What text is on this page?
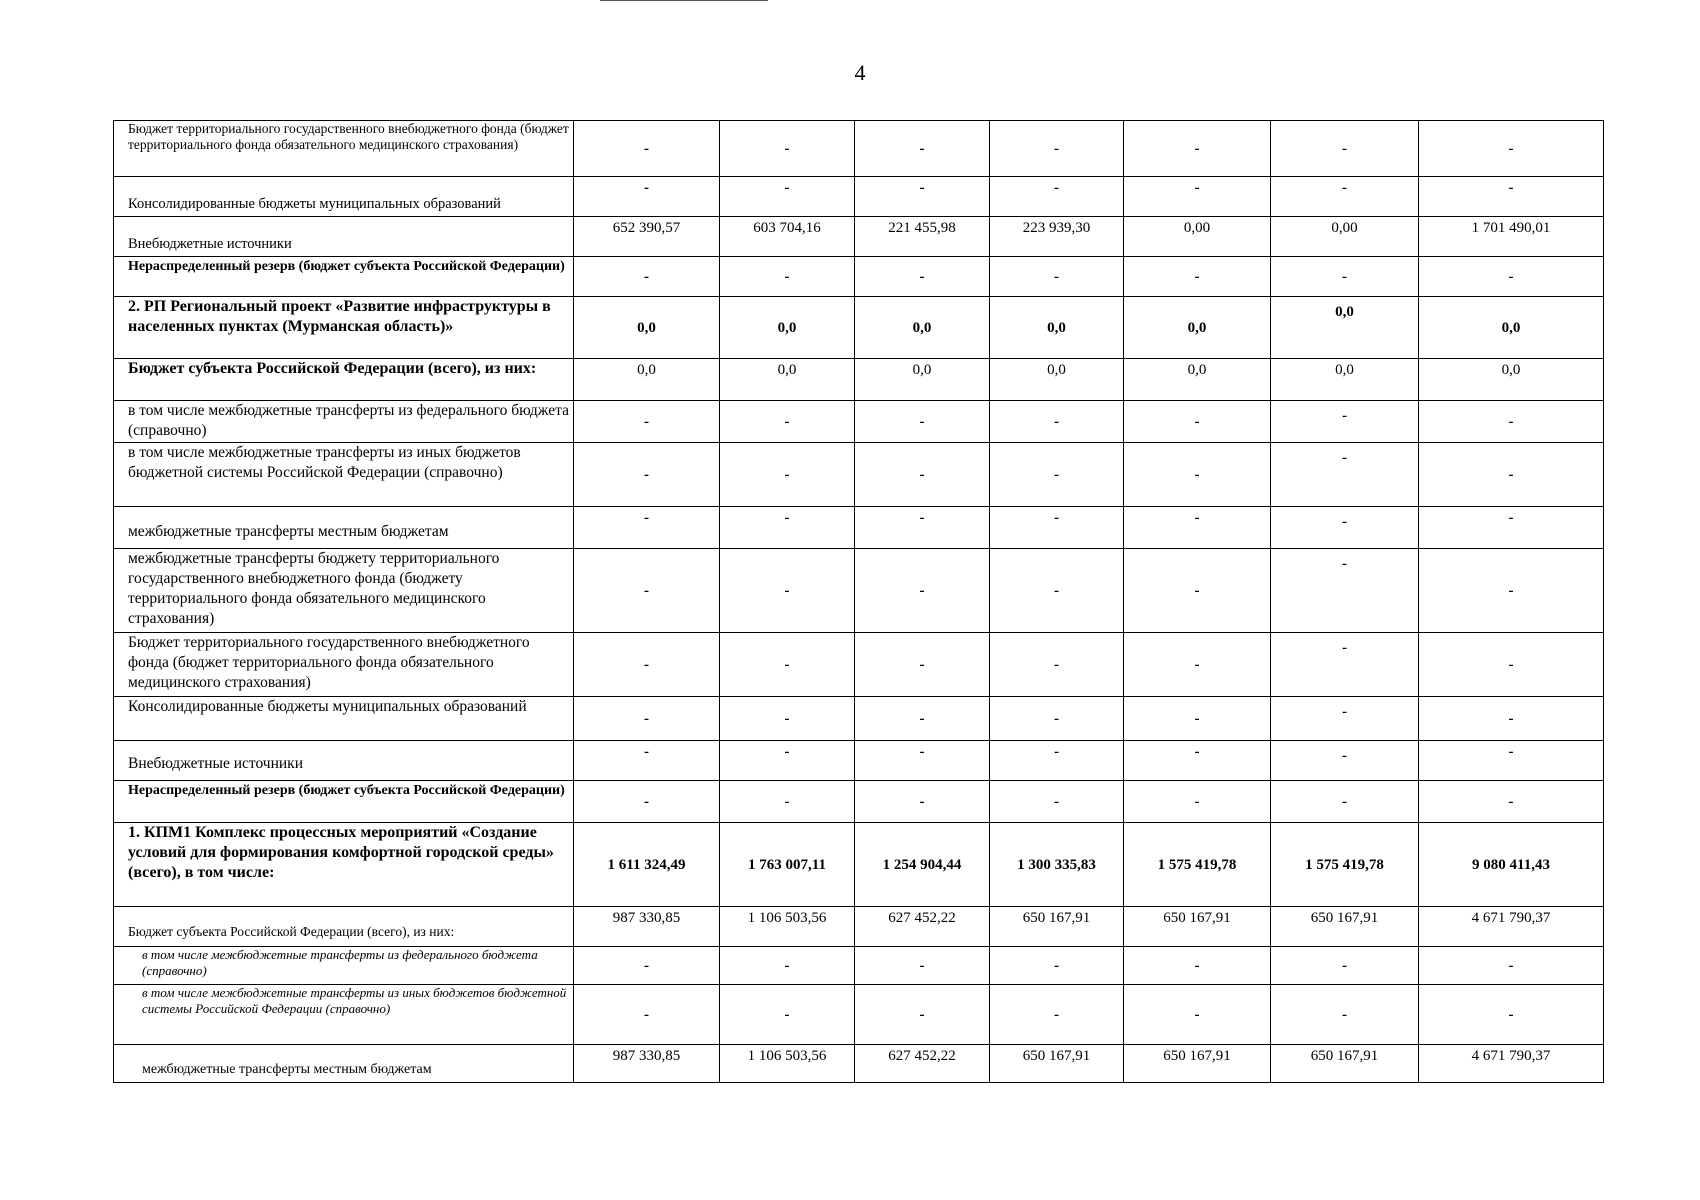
4
Бюджет территориального государственного внебюджетного фонда (бюджет территориального фонда обязательного медицинского страхования)	-	-	-	-	-	-	-
Консолидированные бюджеты муниципальных образований	-	-	-	-	-	-	-
Внебюджетные источники	652 390,57	603 704,16	221 455,98	223 939,30	0,00	0,00	1 701 490,01
Нераспределенный резерв (бюджет субъекта Российской Федерации)	-	-	-	-	-	-	-
2. РП Региональный проект «Развитие инфраструктуры в населенных пунктах (Мурманская область)»	0,0	0,0	0,0	0,0	0,0	0,0	0,0
Бюджет субъекта Российской Федерации (всего), из них:	0,0	0,0	0,0	0,0	0,0	0,0	0,0
в том числе межбюджетные трансферты из федерального бюджета (справочно)	-	-	-	-	-	-	-
в том числе межбюджетные трансферты из иных бюджетов бюджетной системы Российской Федерации (справочно)	-	-	-	-	-	-	-
межбюджетные трансферты местным бюджетам	-	-	-	-	-	-	-
межбюджетные трансферты бюджету территориального государственного внебюджетного фонда (бюджету территориального фонда обязательного медицинского страхования)	-	-	-	-	-	-	-
Бюджет территориального государственного внебюджетного фонда (бюджет территориального фонда обязательного медицинского страхования)	-	-	-	-	-	-	-
Консолидированные бюджеты муниципальных образований	-	-	-	-	-	-	-
Внебюджетные источники	-	-	-	-	-	-	-
Нераспределенный резерв (бюджет субъекта Российской Федерации)	-	-	-	-	-	-	-
1. КПМ1 Комплекс процессных мероприятий «Создание условий для формирования комфортной городской среды» (всего), в том числе:	1 611 324,49	1 763 007,11	1 254 904,44	1 300 335,83	1 575 419,78	1 575 419,78	9 080 411,43
Бюджет субъекта Российской Федерации (всего), из них:	987 330,85	1 106 503,56	627 452,22	650 167,91	650 167,91	650 167,91	4 671 790,37
в том числе межбюджетные трансферты из федерального бюджета (справочно)	-	-	-	-	-	-	-
в том числе межбюджетные трансферты из иных бюджетов бюджетной системы Российской Федерации (справочно)	-	-	-	-	-	-	-
межбюджетные трансферты местным бюджетам	987 330,85	1 106 503,56	627 452,22	650 167,91	650 167,91	650 167,91	4 671 790,37
